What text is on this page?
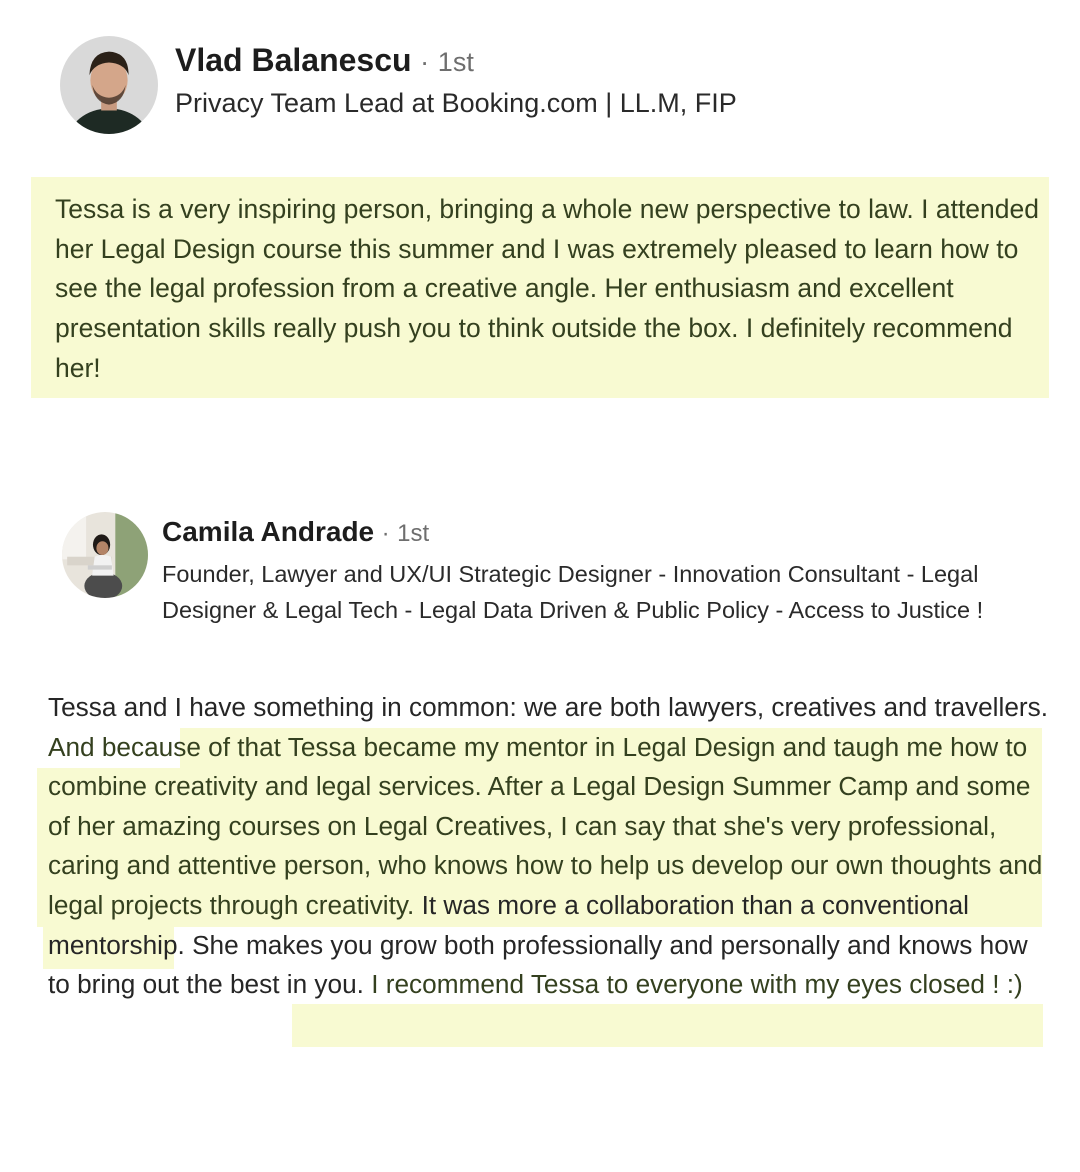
Vlad Balanescu · 1st
Privacy Team Lead at Booking.com | LL.M, FIP
Tessa is a very inspiring person, bringing a whole new perspective to law. I attended her Legal Design course this summer and I was extremely pleased to learn how to see the legal profession from a creative angle. Her enthusiasm and excellent presentation skills really push you to think outside the box. I definitely recommend her!
Camila Andrade · 1st
Founder, Lawyer and UX/UI Strategic Designer - Innovation Consultant - Legal Designer & Legal Tech - Legal Data Driven & Public Policy - Access to Justice !
Tessa and I have something in common: we are both lawyers, creatives and travellers. And because of that Tessa became my mentor in Legal Design and taugh me how to combine creativity and legal services. After a Legal Design Summer Camp and some of her amazing courses on Legal Creatives, I can say that she's very professional, caring and attentive person, who knows how to help us develop our own thoughts and legal projects through creativity. It was more a collaboration than a conventional mentorship. She makes you grow both professionally and personally and knows how to bring out the best in you. I recommend Tessa to everyone with my eyes closed ! :)
